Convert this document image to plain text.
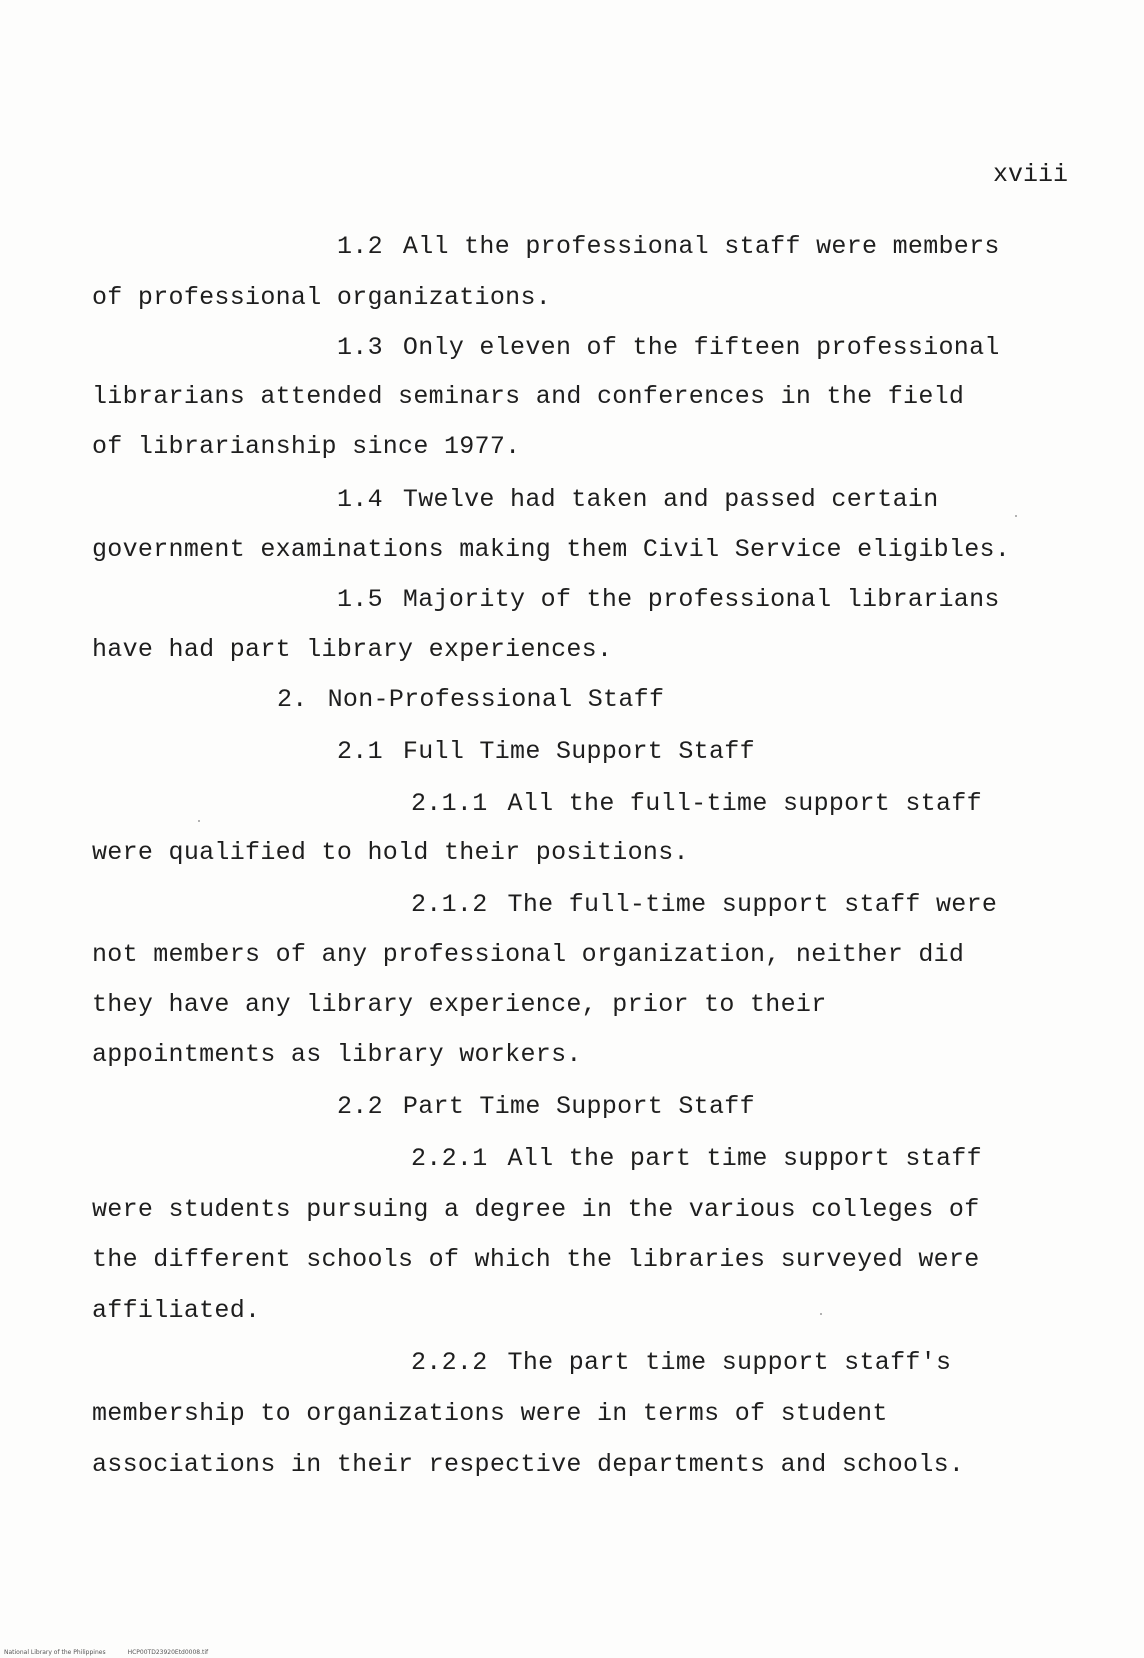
xviii
1.2 All the professional staff were members
of professional organizations.
1.3 Only eleven of the fifteen professional
librarians attended seminars and conferences in the field
of librarianship since 1977.
1.4 Twelve had taken and passed certain
government examinations making them Civil Service eligibles.
1.5 Majority of the professional librarians
have had part library experiences.
2. Non-Professional Staff
2.1 Full Time Support Staff
2.1.1 All the full-time support staff
were qualified to hold their positions.
2.1.2 The full-time support staff were
not members of any professional organization, neither did
they have any library experience, prior to their
appointments as library workers.
2.2 Part Time Support Staff
2.2.1 All the part time support staff
were students pursuing a degree in the various colleges of
the different schools of which the libraries surveyed were
affiliated.
2.2.2 The part time support staff's
membership to organizations were in terms of student
associations in their respective departments and schools.
National Library of the Philippines	HCP00TD23920Etd0008.tif
